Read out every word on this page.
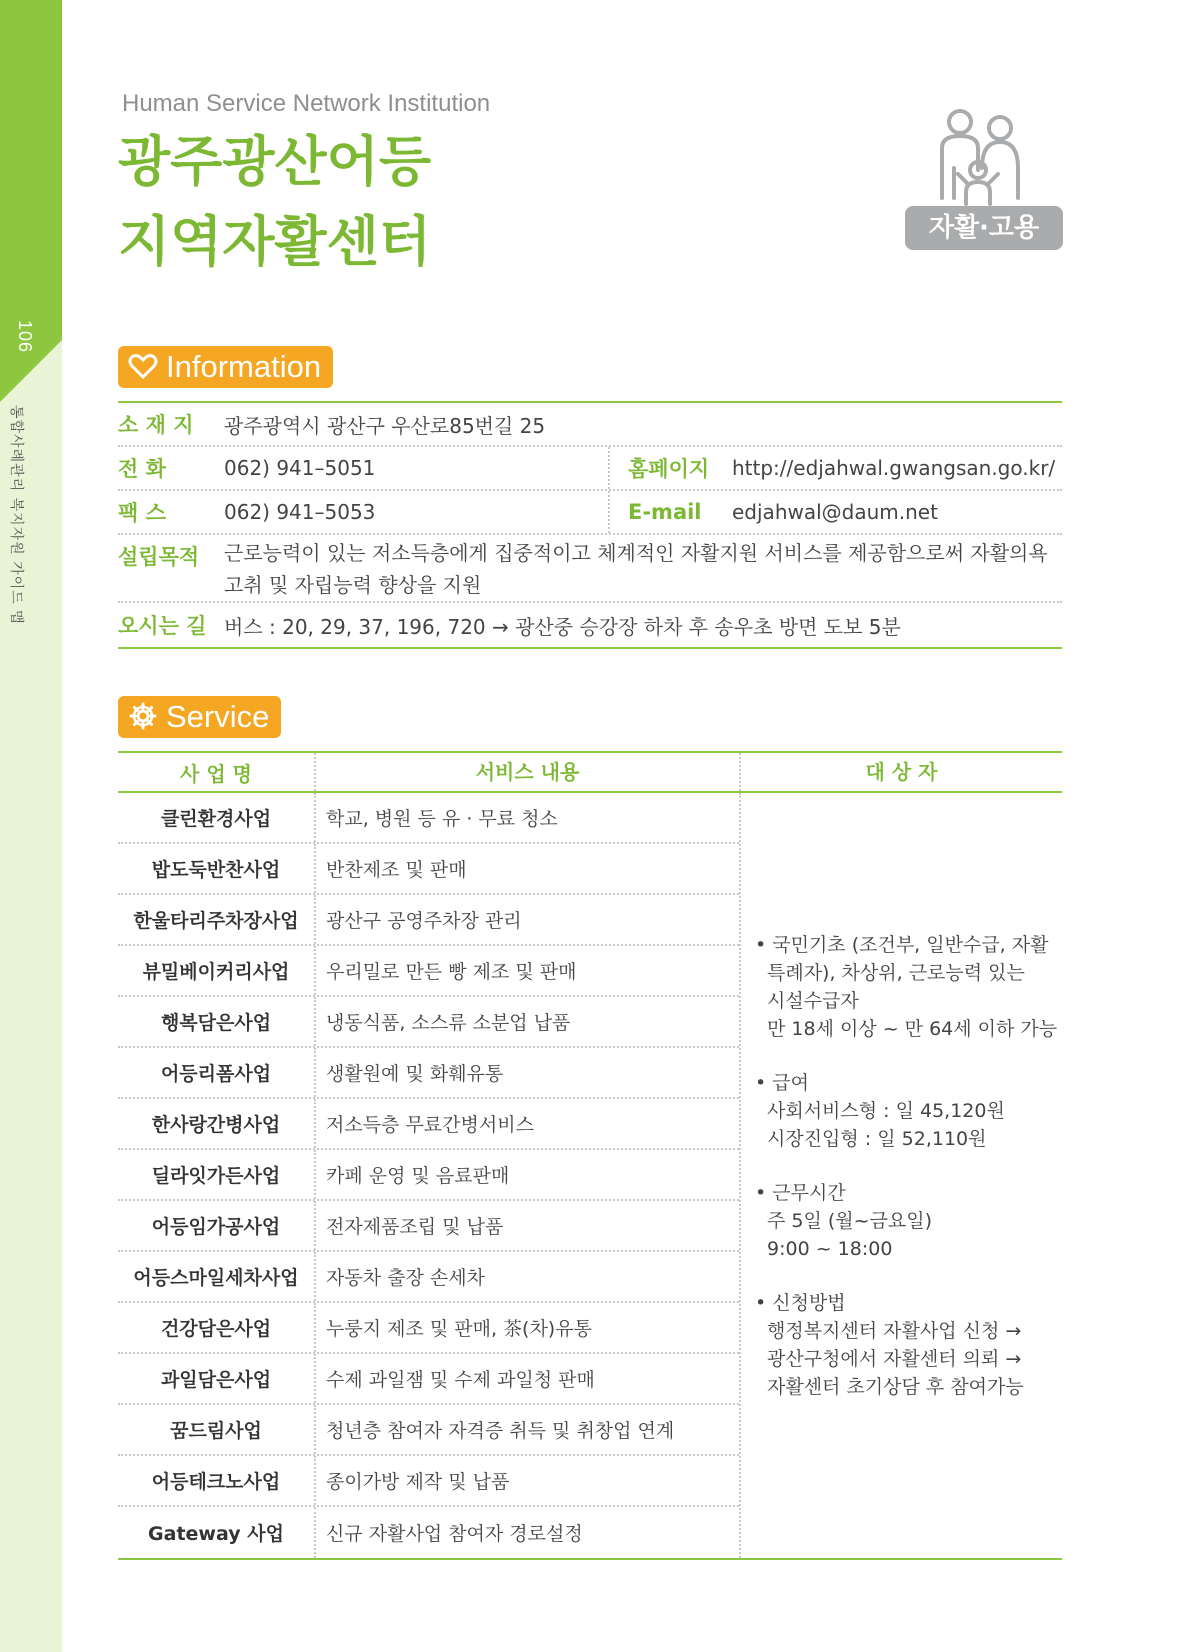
106
통합사례관리 복지자원 가이드 맵
Human Service Network Institution
광주광산어등
지역자활센터	자활·고용
Information
소 재 지	광주광역시 광산구 우산로85번길 25
전 화	062) 941–5051	홈페이지	http://edjahwal.gwangsan.go.kr/
팩 스	062) 941–5053	E-mail	edjahwal@daum.net
설립목적	근로능력이 있는 저소득층에게 집중적이고 체계적인 자활지원 서비스를 제공함으로써 자활의욕 고취 및 자립능력 향상을 지원
오시는 길 버스 : 20, 29, 37, 196, 720 → 광산중 승강장 하차 후 송우초 방면 도보 5분
Service
사 업 명	서비스 내용	대 상 자
클린환경사업	학교, 병원 등 유 · 무료 청소
밥도둑반찬사업	반찬제조 및 판매
한울타리주차장사업	광산구 공영주차장 관리
뷰밀베이커리사업	우리밀로 만든 빵 제조 및 판매
행복담은사업	냉동식품, 소스류 소분업 납품
어등리폼사업	생활원예 및 화훼유통
한사랑간병사업	저소득층 무료간병서비스
딜라잇가든사업	카페 운영 및 음료판매
어등임가공사업	전자제품조립 및 납품
어등스마일세차사업	자동차 출장 손세차
건강담은사업	누룽지 제조 및 판매, 茶(차)유통
과일담은사업	수제 과일잼 및 수제 과일청 판매
꿈드림사업	청년층 참여자 자격증 취득 및 취창업 연계
어등테크노사업	종이가방 제작 및 납품
Gateway 사업	신규 자활사업 참여자 경로설정
• 국민기초 (조건부, 일반수급, 자활
특례자), 차상위, 근로능력 있는
시설수급자
만 18세 이상 ~ 만 64세 이하 가능
• 급여
사회서비스형 : 일 45,120원
시장진입형 : 일 52,110원
• 근무시간
주 5일 (월~금요일)
9:00 ~ 18:00
• 신청방법
행정복지센터 자활사업 신청 →
광산구청에서 자활센터 의뢰 →
자활센터 초기상담 후 참여가능
